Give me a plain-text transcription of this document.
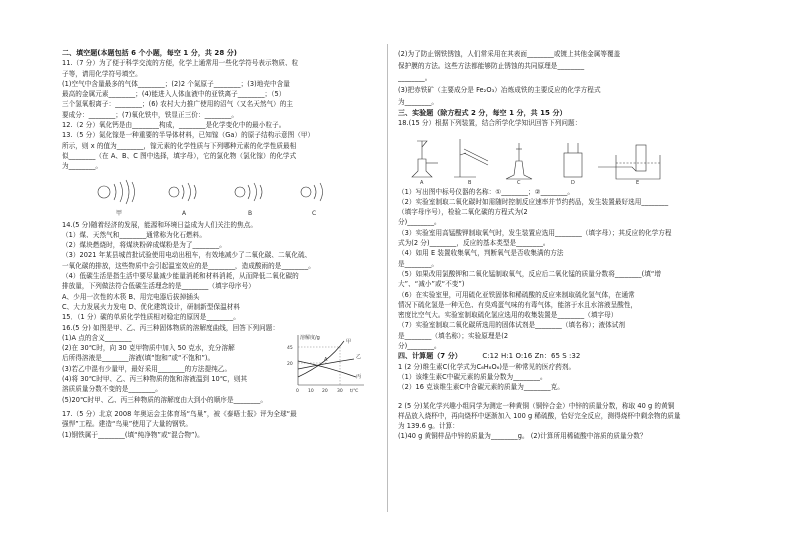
二、填空题(本题包括 6 个小题，每空 1 分，共 28 分)
11.（7 分）为了便于科学交流的方便，化学上通常用一些化学符号表示物质、粒
子等，请用化学符号填空。
(1)空气中含量最多的气体________；(2)2 个氮原子________；(3)地壳中含量
最高的金属元素________；(4)能进入人体血液中的亚铁离子________；（5）
三个氢氧根离子：________；(6) 农村大力推广使用的沼气（又名天然气）的主
要成分：________；(7)氧化铁中，铁显正三价：________。
12.（2 分）氧化钙是由________构成，________是化学变化中的最小粒子。
13.（5 分）氮化镓是一种重要的半导体材料，已知镓（Ga）的原子结构示意图（甲）
所示，则 x 的值为________，镓元素的化学性质与下列哪种元素的化学性质最相
似________（在 A、B、C 图中选择，填字母），它的氯化物（氯化镓）的化学式
为________。
甲	A	B	C
14.(5 分)随着经济的发展，能源和环境日益成为人们关注的焦点。
（1）煤、天然气和________通常称为化石燃料。
（2）煤块燃烧时，将煤块粉碎成煤粉是为了________。
（3）2021 年某县城首批试验使用电动出租车，有效地减少了二氧化碳、二氧化硫、
一氧化碳的排放，这些物质中会引起温室效应的是________，造成酸雨的是________。
（4）低碳生活是指生活中要尽量减少能量消耗和材料消耗，从而降低二氧化碳的
排放量，下列做法符合低碳生活理念的是________（填字母序号）
A、少用一次性的木筷 B、用完电器后拔掉插头
C、大力发展火力发电 D、优化建筑设计，研制新型保温材料
15．（1 分）碳的单质化学性质相对稳定的原因是________。
16.(5 分) 如图是甲、乙、丙三种固体物质的溶解度曲线，回答下列问题：
(1)A 点的含义________
(2)在 30℃时，向 30 克甲物质中加入 50 克水，充分溶解
后所得溶液是________溶液(填“饱和”或“不饱和”)。
(3)若乙中混有少量甲，最好采用________的方法提纯乙。
(4)将 30℃时甲、乙、丙三种物质的饱和溶液温到 10℃，则其
溶质质量分数不变的是________。
(5)20℃时甲、乙、丙三种物质的溶解度由大到小的顺序是________。
溶解度/g
45
20
0 10 20 30 t/℃
甲
乙
丙
A
17.（5 分）北京 2008 年奥运会主体育场“鸟巢”，被《泰晤士报》评为全球“最
强悍”工程。建造“鸟巢”使用了大量的钢铁。
(1)钢铁属于________(填“纯净物”或“混合物”)。
(2)为了防止钢铁锈蚀，人们常采用在其表面________或镀上其他金属等覆盖
保护膜的方法。这些方法都能够防止锈蚀的共同原理是________
________。
(3)把赤铁矿（主要成分是 Fe₂O₃）冶炼成铁的主要反应的化学方程式
为________。
三、实验题（除方程式 2 分，每空 1 分，共 15 分）
18.(15 分）根据下列装置，结合所学化学知识回答下列问题：
A	B	C	D	E
（1）写出图中标号仪器的名称：①________；②________。
（2）实验室制取二氧化碳时如需随时控制反应速率并节约药品，发生装置最好选用________
（填字母序号），检验二氧化碳的方程式为(2
分)________。
（3）实验室用高锰酸钾制取氧气时，发生装置应选用________（填字母）；其反应的化学方程
式为(2 分)________，反应的基本类型是________。
（4）如用 E 装置收集氧气，判断氧气是否收集满的方法
是________。
（5）如果改用氯酸钾和二氧化锰制取氧气，反应后二氧化锰的质量分数将________(填“增
大”、“减小”或“不变”)
（6）在实验室里，可用硫化亚铁固体和稀硫酸的反应来制取硫化氢气体，在通常
情况下硫化氢是一种无色、有臭鸡蛋气味的有毒气体，能溶于水且水溶液呈酸性，
密度比空气大。实验室制取硫化氢应选用的收集装置是________（填字母）
（7）实验室制取二氧化碳所选用的固体试剂是________（填名称）；液体试剂
是________（填名称）；实验原理是(2
分)________。
四、计算题（7 分）	C:12 H:1 O:16 Zn：65 S :32
1 (2 分)维生素C(化学式为C₆H₈O₆)是一种常见的医疗药剂。
（1）该维生素C中碳元素的质量分数为________。
（2）16 克该维生素C中含碳元素的质量为________克。
2 (5 分)某化学兴趣小组同学为测定一种黄铜（铜锌合金）中锌的质量分数，称取 40 g 的黄铜
样品放入烧杯中，再向烧杯中逐渐加入 100 g 稀硫酸，恰好完全反应，测得烧杯中剩余物的质量
为 139.6 g。计算：
(1)40 g 黄铜样品中锌的质量为________g。 (2)计算所用稀硫酸中溶质的质量分数？
